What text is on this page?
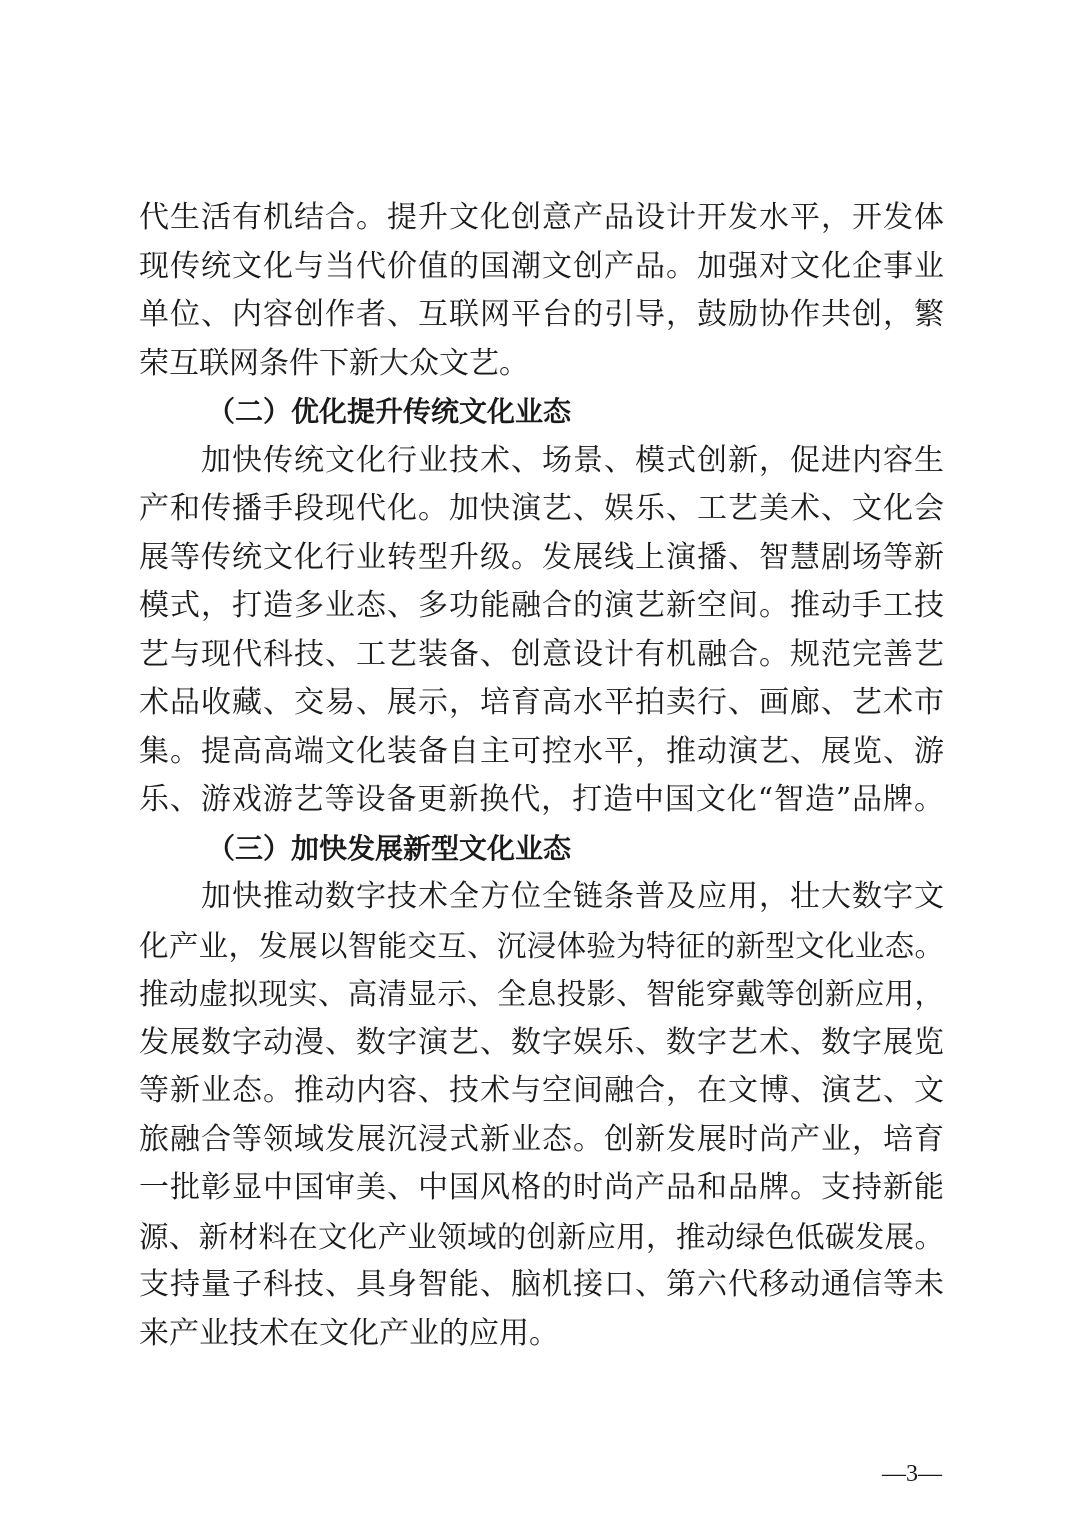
代生活有机结合。提升文化创意产品设计开发水平，开发体
现传统文化与当代价值的国潮文创产品。加强对文化企事业
单位、内容创作者、互联网平台的引导，鼓励协作共创，繁
荣互联网条件下新大众文艺。
（二）优化提升传统文化业态
加快传统文化行业技术、场景、模式创新，促进内容生
产和传播手段现代化。加快演艺、娱乐、工艺美术、文化会
展等传统文化行业转型升级。发展线上演播、智慧剧场等新
模式，打造多业态、多功能融合的演艺新空间。推动手工技
艺与现代科技、工艺装备、创意设计有机融合。规范完善艺
术品收藏、交易、展示，培育高水平拍卖行、画廊、艺术市
集。提高高端文化装备自主可控水平，推动演艺、展览、游
乐、游戏游艺等设备更新换代，打造中国文化“智造”品牌。
（三）加快发展新型文化业态
加快推动数字技术全方位全链条普及应用，壮大数字文
化产业，发展以智能交互、沉浸体验为特征的新型文化业态。
推动虚拟现实、高清显示、全息投影、智能穿戴等创新应用，
发展数字动漫、数字演艺、数字娱乐、数字艺术、数字展览
等新业态。推动内容、技术与空间融合，在文博、演艺、文
旅融合等领域发展沉浸式新业态。创新发展时尚产业，培育
一批彰显中国审美、中国风格的时尚产品和品牌。支持新能
源、新材料在文化产业领域的创新应用，推动绿色低碳发展。
支持量子科技、具身智能、脑机接口、第六代移动通信等未
来产业技术在文化产业的应用。
—3—
